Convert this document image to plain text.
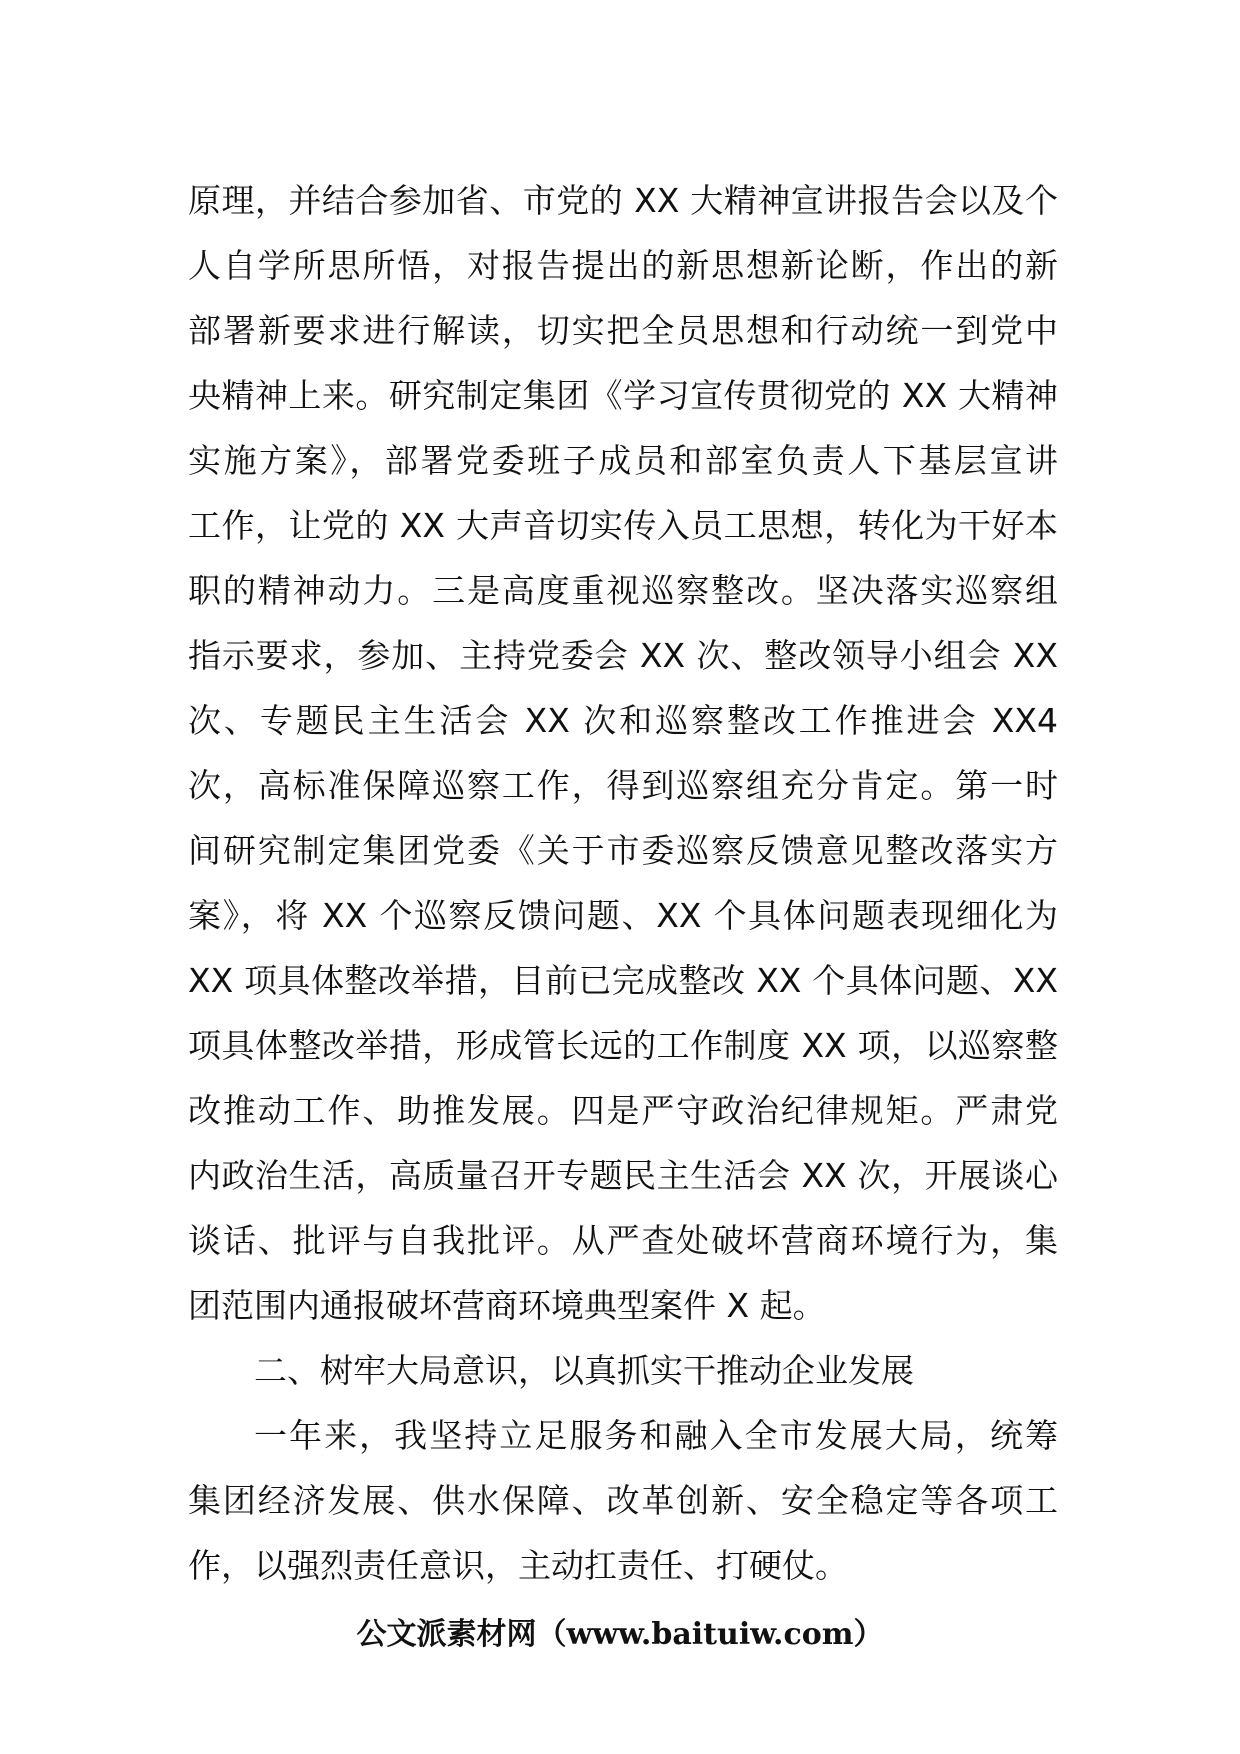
原理，并结合参加省、市党的 XX 大精神宣讲报告会以及个
人自学所思所悟，对报告提出的新思想新论断，作出的新
部署新要求进行解读，切实把全员思想和行动统一到党中
央精神上来。研究制定集团《学习宣传贯彻党的 XX 大精神
实施方案》，部署党委班子成员和部室负责人下基层宣讲
工作，让党的 XX 大声音切实传入员工思想，转化为干好本
职的精神动力。三是高度重视巡察整改。坚决落实巡察组
指示要求，参加、主持党委会 XX 次、整改领导小组会 XX
次、专题民主生活会 XX 次和巡察整改工作推进会 XX4
次，高标准保障巡察工作，得到巡察组充分肯定。第一时
间研究制定集团党委《关于市委巡察反馈意见整改落实方
案》，将 XX 个巡察反馈问题、XX 个具体问题表现细化为
XX 项具体整改举措，目前已完成整改 XX 个具体问题、XX
项具体整改举措，形成管长远的工作制度 XX 项，以巡察整
改推动工作、助推发展。四是严守政治纪律规矩。严肃党
内政治生活，高质量召开专题民主生活会 XX 次，开展谈心
谈话、批评与自我批评。从严查处破坏营商环境行为，集
团范围内通报破坏营商环境典型案件 X 起。
二、树牢大局意识，以真抓实干推动企业发展
一年来，我坚持立足服务和融入全市发展大局，统筹
集团经济发展、供水保障、改革创新、安全稳定等各项工
作，以强烈责任意识，主动扛责任、打硬仗。
公文派素材网（www.baituiw.com）
